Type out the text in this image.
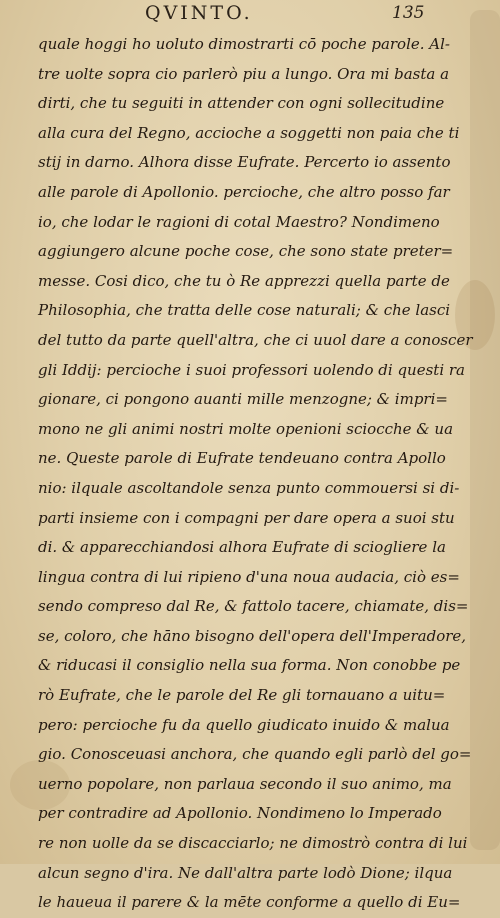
QVINTO.	135
quale hoggi ho uoluto dimostrarti cō poche parole. Al-
tre uolte sopra cio parlerò piu a lungo. Ora mi basta a
dirti, che tu seguiti in attender con ogni sollecitudine
alla cura del Regno, accioche a soggetti non paia che ti
stij in darno. Alhora disse Eufrate. Percerto io assento
alle parole di Apollonio. percioche, che altro posso far
io, che lodar le ragioni di cotal Maestro? Nondimeno
aggiungero alcune poche cose, che sono state preter=
messe. Cosi dico, che tu ò Re apprezzi quella parte de
Philosophia, che tratta delle cose naturali; & che lasci
del tutto da parte quell'altra, che ci uuol dare a conoscer
gli Iddij: percioche i suoi professori uolendo di questi ra
gionare, ci pongono auanti mille menzogne; & impri=
mono ne gli animi nostri molte openioni sciocche & ua
ne. Queste parole di Eufrate tendeuano contra Apollo
nio: ilquale ascoltandole senza punto commouersi si di-
parti insieme con i compagni per dare opera a suoi stu
di. & apparecchiandosi alhora Eufrate di sciogliere la
lingua contra di lui ripieno d'una noua audacia, ciò es=
sendo compreso dal Re, & fattolo tacere, chiamate, dis=
se, coloro, che hāno bisogno dell'opera dell'Imperadore,
& riducasi il consiglio nella sua forma. Non conobbe pe
rò Eufrate, che le parole del Re gli tornauano a uitu=
pero: percioche fu da quello giudicato inuido & malua
gio. Conosceuasi anchora, che quando egli parlò del go=
uerno popolare, non parlaua secondo il suo animo, ma
per contradire ad Apollonio. Nondimeno lo Imperado
re non uolle da se discacciarlo; ne dimostrò contra di lui
alcun segno d'ira. Ne dall'altra parte lodò Dione; ilqua
le haueua il parere & la mēte conforme a quello di Eu=
